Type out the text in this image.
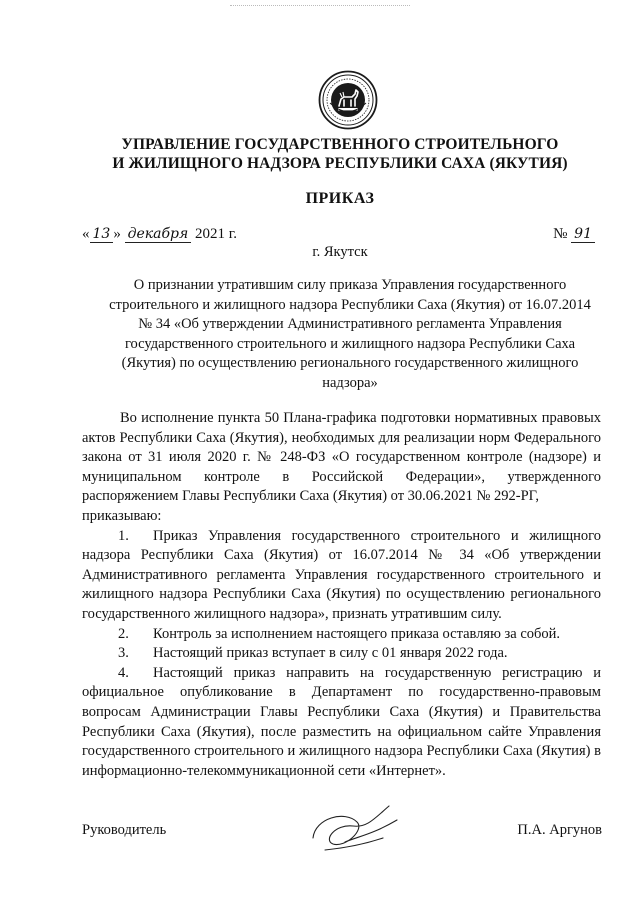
УПРАВЛЕНИЕ ГОСУДАРСТВЕННОГО СТРОИТЕЛЬНОГО
И ЖИЛИЩНОГО НАДЗОРА РЕСПУБЛИКИ САХА (ЯКУТИЯ)
ПРИКАЗ
« 13 » декабря 2021 г.	№ 91
г. Якутск
О признании утратившим силу приказа Управления государственного
строительного и жилищного надзора Республики Саха (Якутия) от 16.07.2014
№ 34 «Об утверждении Административного регламента Управления
государственного строительного и жилищного надзора Республики Саха
(Якутия) по осуществлению регионального государственного жилищного
надзора»

Во исполнение пункта 50 Плана-графика подготовки нормативных правовых актов Республики Саха (Якутия), необходимых для реализации норм Федерального закона от 31 июля 2020 г. № 248-ФЗ «О государственном контроле (надзоре) и муниципальном контроле в Российской Федерации», утвержденного распоряжением Главы Республики Саха (Якутия) от 30.06.2021 № 292-РГ,

приказываю:
1. Приказ Управления государственного строительного и жилищного надзора Республики Саха (Якутия) от 16.07.2014 № 34 «Об утверждении Административного регламента Управления государственного строительного и жилищного надзора Республики Саха (Якутия) по осуществлению регионального государственного жилищного надзора», признать утратившим силу.
2. Контроль за исполнением настоящего приказа оставляю за собой.
3. Настоящий приказ вступает в силу с 01 января 2022 года.
4. Настоящий приказ направить на государственную регистрацию и официальное опубликование в Департамент по государственно-правовым вопросам Администрации Главы Республики Саха (Якутия) и Правительства Республики Саха (Якутия), после разместить на официальном сайте Управления государственного строительного и жилищного надзора Республики Саха (Якутия) в информационно-телекоммуникационной сети «Интернет».
Руководитель	П.А. Аргунов
